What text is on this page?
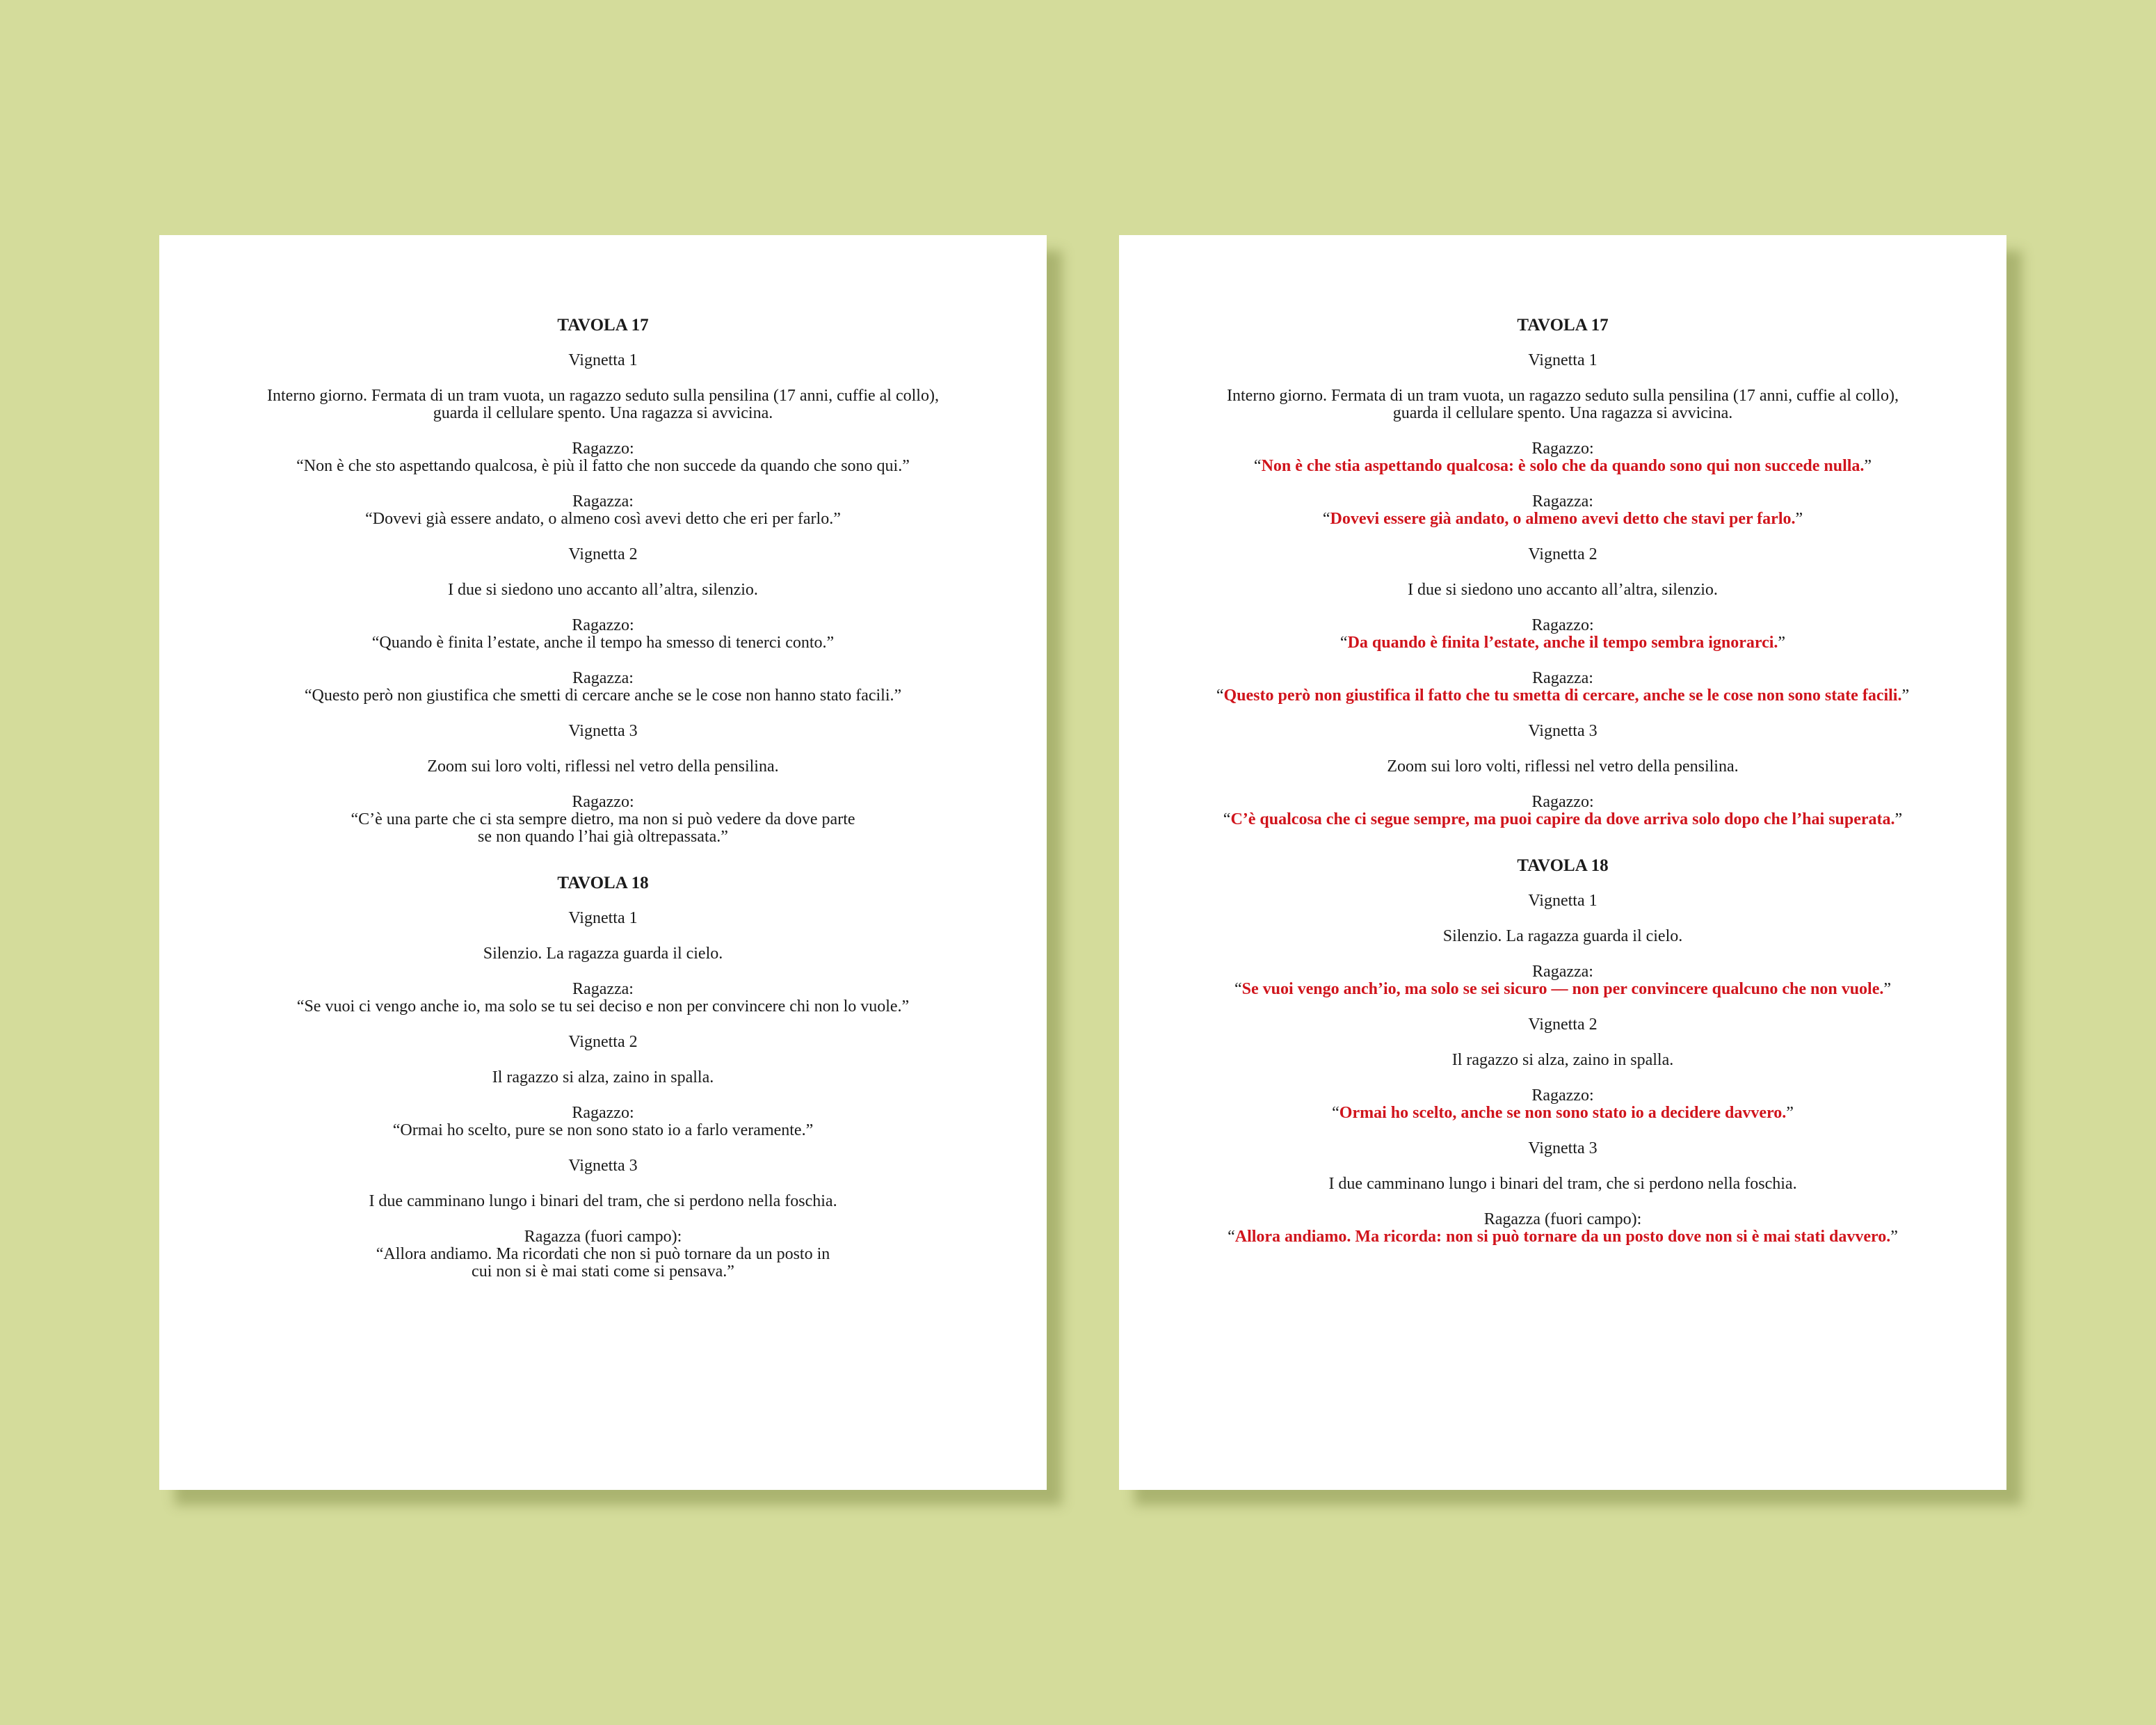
TAVOLA 17
Vignetta 1
Interno giorno. Fermata di un tram vuota, un ragazzo seduto sulla pensilina (17 anni, cuffie al collo),
guarda il cellulare spento. Una ragazza si avvicina.
Ragazzo:
“Non è che sto aspettando qualcosa, è più il fatto che non succede da quando che sono qui.”
Ragazza:
“Dovevi già essere andato, o almeno così avevi detto che eri per farlo.”
Vignetta 2
I due si siedono uno accanto all’altra, silenzio.
Ragazzo:
“Quando è finita l’estate, anche il tempo ha smesso di tenerci conto.”
Ragazza:
“Questo però non giustifica che smetti di cercare anche se le cose non hanno stato facili.”
Vignetta 3
Zoom sui loro volti, riflessi nel vetro della pensilina.
Ragazzo:
“C’è una parte che ci sta sempre dietro, ma non si può vedere da dove parte
se non quando l’hai già oltrepassata.”
TAVOLA 18
Vignetta 1
Silenzio. La ragazza guarda il cielo.
Ragazza:
“Se vuoi ci vengo anche io, ma solo se tu sei deciso e non per convincere chi non lo vuole.”
Vignetta 2
Il ragazzo si alza, zaino in spalla.
Ragazzo:
“Ormai ho scelto, pure se non sono stato io a farlo veramente.”
Vignetta 3
I due camminano lungo i binari del tram, che si perdono nella foschia.
Ragazza (fuori campo):
“Allora andiamo. Ma ricordati che non si può tornare da un posto in
cui non si è mai stati come si pensava.”
TAVOLA 17
Vignetta 1
Interno giorno. Fermata di un tram vuota, un ragazzo seduto sulla pensilina (17 anni, cuffie al collo),
guarda il cellulare spento. Una ragazza si avvicina.
Ragazzo:
“Non è che stia aspettando qualcosa: è solo che da quando sono qui non succede nulla.”
Ragazza:
“Dovevi essere già andato, o almeno avevi detto che stavi per farlo.”
Vignetta 2
I due si siedono uno accanto all’altra, silenzio.
Ragazzo:
“Da quando è finita l’estate, anche il tempo sembra ignorarci.”
Ragazza:
“Questo però non giustifica il fatto che tu smetta di cercare, anche se le cose non sono state facili.”
Vignetta 3
Zoom sui loro volti, riflessi nel vetro della pensilina.
Ragazzo:
“C’è qualcosa che ci segue sempre, ma puoi capire da dove arriva solo dopo che l’hai superata.”
TAVOLA 18
Vignetta 1
Silenzio. La ragazza guarda il cielo.
Ragazza:
“Se vuoi vengo anch’io, ma solo se sei sicuro — non per convincere qualcuno che non vuole.”
Vignetta 2
Il ragazzo si alza, zaino in spalla.
Ragazzo:
“Ormai ho scelto, anche se non sono stato io a decidere davvero.”
Vignetta 3
I due camminano lungo i binari del tram, che si perdono nella foschia.
Ragazza (fuori campo):
“Allora andiamo. Ma ricorda: non si può tornare da un posto dove non si è mai stati davvero.”
